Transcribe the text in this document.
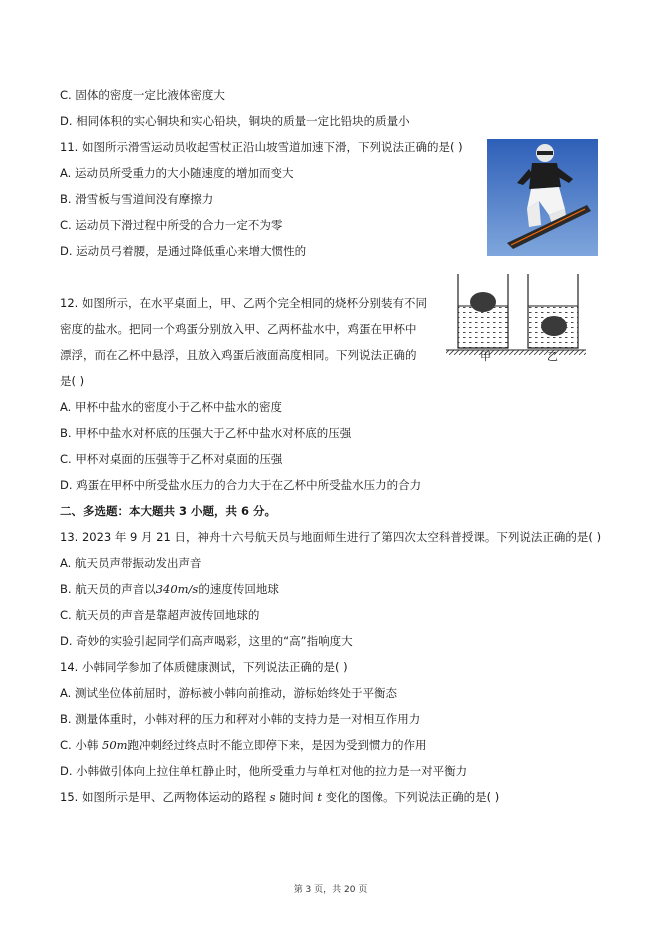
C. 固体的密度一定比液体密度大
D. 相同体积的实心铜块和实心铅块，铜块的质量一定比铅块的质量小
11. 如图所示滑雪运动员收起雪杖正沿山坡雪道加速下滑，下列说法正确的是( )
A. 运动员所受重力的大小随速度的增加而变大
B. 滑雪板与雪道间没有摩擦力
C. 运动员下滑过程中所受的合力一定不为零
D. 运动员弓着腰，是通过降低重心来增大惯性的
12. 如图所示，在水平桌面上，甲、乙两个完全相同的烧杯分别装有不同
密度的盐水。把同一个鸡蛋分别放入甲、乙两杯盐水中，鸡蛋在甲杯中
漂浮，而在乙杯中悬浮，且放入鸡蛋后液面高度相同。下列说法正确的
是( )
甲	乙
A. 甲杯中盐水的密度小于乙杯中盐水的密度
B. 甲杯中盐水对杯底的压强大于乙杯中盐水对杯底的压强
C. 甲杯对桌面的压强等于乙杯对桌面的压强
D. 鸡蛋在甲杯中所受盐水压力的合力大于在乙杯中所受盐水压力的合力
二、多选题：本大题共 3 小题，共 6 分。
13. 2023 年 9 月 21 日，神舟十六号航天员与地面师生进行了第四次太空科普授课。下列说法正确的是( )
A. 航天员声带振动发出声音
B. 航天员的声音以340m/s的速度传回地球
C. 航天员的声音是靠超声波传回地球的
D. 奇妙的实验引起同学们高声喝彩，这里的“高”指响度大
14. 小韩同学参加了体质健康测试，下列说法正确的是( )
A. 测试坐位体前屈时，游标被小韩向前推动，游标始终处于平衡态
B. 测量体重时，小韩对秤的压力和秤对小韩的支持力是一对相互作用力
C. 小韩 50m跑冲刺经过终点时不能立即停下来，是因为受到惯力的作用
D. 小韩做引体向上拉住单杠静止时，他所受重力与单杠对他的拉力是一对平衡力
15. 如图所示是甲、乙两物体运动的路程 s 随时间 t 变化的图像。下列说法正确的是( )
第 3 页，共 20 页
